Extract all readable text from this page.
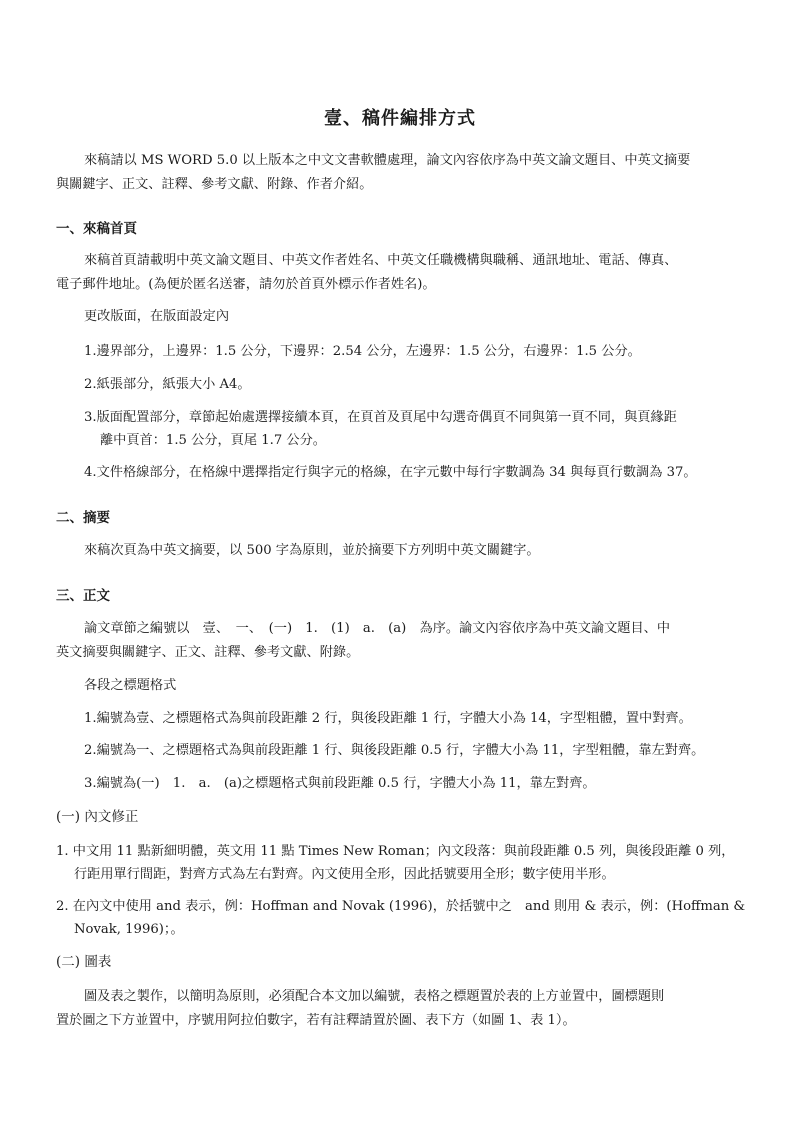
壹、稿件編排方式
來稿請以 MS WORD 5.0 以上版本之中文文書軟體處理，論文內容依序為中英文論文題目、中英文摘要
與關鍵字、正文、註釋、參考文獻、附錄、作者介紹。
一、來稿首頁
來稿首頁請載明中英文論文題目、中英文作者姓名、中英文任職機構與職稱、通訊地址、電話、傳真、
電子郵件地址。(為便於匿名送審，請勿於首頁外標示作者姓名)。
更改版面，在版面設定內
1.邊界部分，上邊界：1.5 公分，下邊界：2.54 公分，左邊界：1.5 公分，右邊界：1.5 公分。
2.紙張部分，紙張大小 A4。
3.版面配置部分，章節起始處選擇接續本頁，在頁首及頁尾中勾選奇偶頁不同與第一頁不同，與頁緣距
離中頁首：1.5 公分，頁尾 1.7 公分。
4.文件格線部分，在格線中選擇指定行與字元的格線，在字元數中每行字數調為 34 與每頁行數調為 37。
二、摘要
來稿次頁為中英文摘要，以 500 字為原則，並於摘要下方列明中英文關鍵字。
三、正文
論文章節之編號以　壹、　一、　(一)　1.　(1)　a.　(a)　為序。論文內容依序為中英文論文題目、中
英文摘要與關鍵字、正文、註釋、參考文獻、附錄。
各段之標題格式
1.編號為壹、之標題格式為與前段距離 2 行，與後段距離 1 行，字體大小為 14，字型粗體，置中對齊。
2.編號為一、之標題格式為與前段距離 1 行、與後段距離 0.5 行，字體大小為 11，字型粗體，靠左對齊。
3.編號為(一)　1.　a.　(a)之標題格式與前段距離 0.5 行，字體大小為 11，靠左對齊。
(一) 內文修正
1. 中文用 11 點新細明體，英文用 11 點 Times New Roman；內文段落：與前段距離 0.5 列，與後段距離 0 列，
行距用單行間距，對齊方式為左右對齊。內文使用全形，因此括號要用全形；數字使用半形。
2. 在內文中使用 and 表示，例：Hoffman and Novak (1996)，於括號中之　and 則用 & 表示，例：(Hoffman &
Novak, 1996)；。
(二) 圖表
圖及表之製作，以簡明為原則，必須配合本文加以編號，表格之標題置於表的上方並置中，圖標題則
置於圖之下方並置中，序號用阿拉伯數字，若有註釋請置於圖、表下方（如圖 1、表 1）。
